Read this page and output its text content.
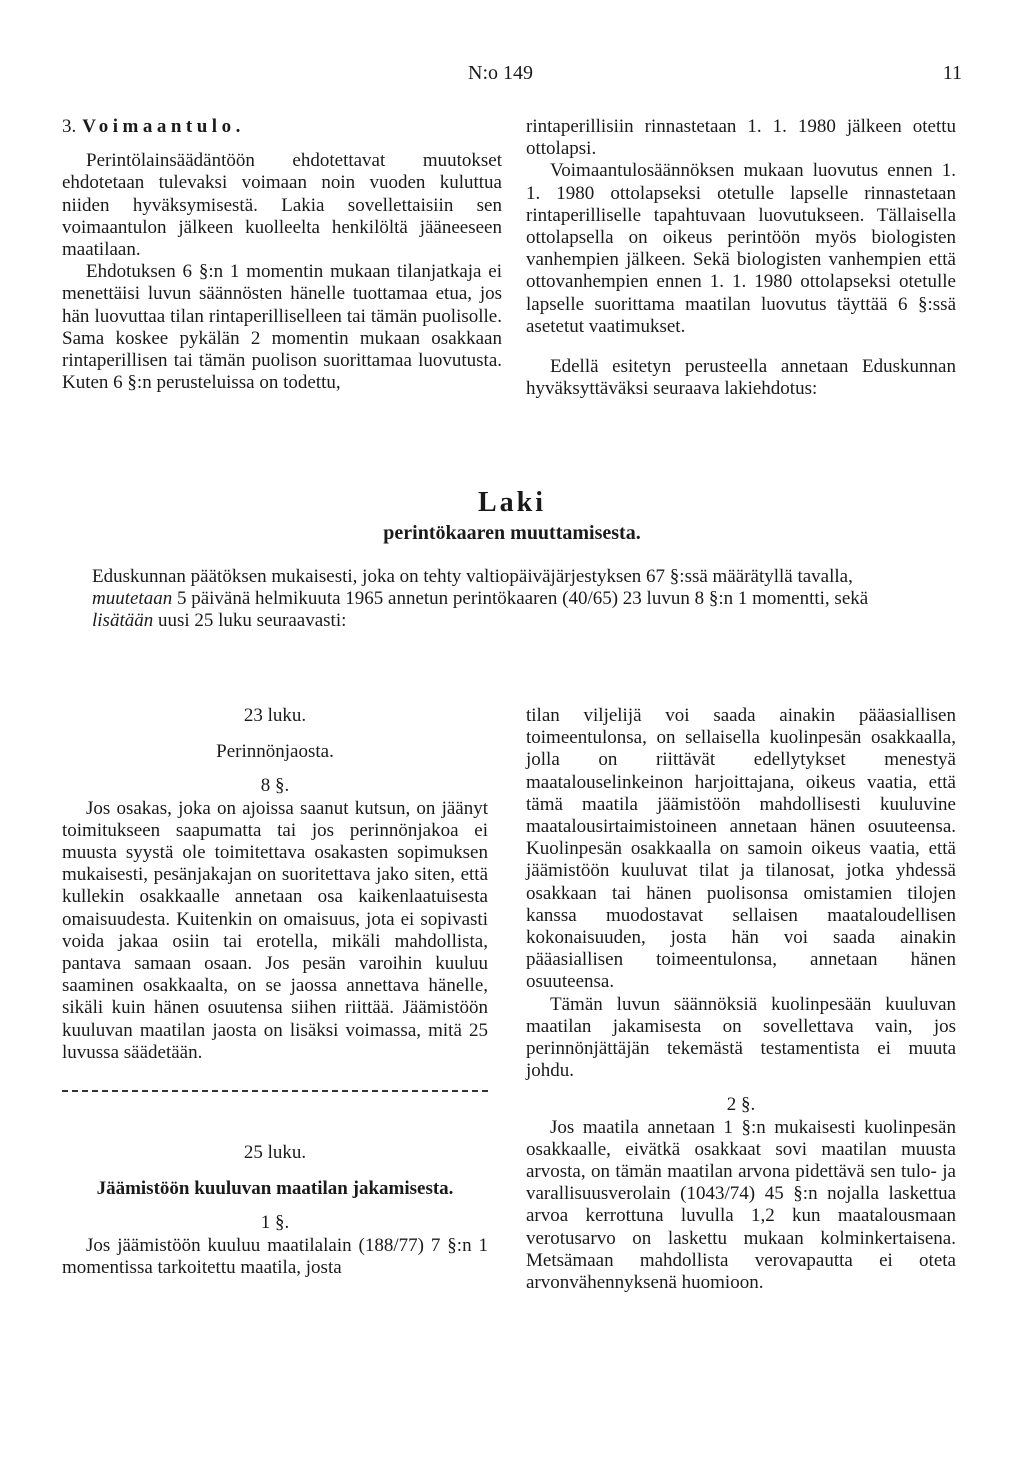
N:o 149	11

3. Voimaantulo.

Perintölainsäädäntöön ehdotettavat muutokset ehdotetaan tulevaksi voimaan noin vuoden kuluttua niiden hyväksymisestä. Lakia sovellettaisiin sen voimaantulon jälkeen kuolleelta henkilöltä jääneeseen maatilaan.

Ehdotuksen 6 §:n 1 momentin mukaan tilanjatkaja ei menettäisi luvun säännösten hänelle tuottamaa etua, jos hän luovuttaa tilan rintaperilliselleen tai tämän puolisolle. Sama koskee pykälän 2 momentin mukaan osakkaan rintaperillisen tai tämän puolison suorittamaa luovutusta. Kuten 6 §:n perusteluissa on todettu,

rintaperillisiin rinnastetaan 1. 1. 1980 jälkeen otettu ottolapsi.

Voimaantulosäännöksen mukaan luovutus ennen 1. 1. 1980 ottolapseksi otetulle lapselle rinnastetaan rintaperilliselle tapahtuvaan luovutukseen. Tällaisella ottolapsella on oikeus perintöön myös biologisten vanhempien jälkeen. Sekä biologisten vanhempien että ottovanhempien ennen 1. 1. 1980 ottolapseksi otetulle lapselle suorittama maatilan luovutus täyttää 6 §:ssä asetetut vaatimukset.

Edellä esitetyn perusteella annetaan Eduskunnan hyväksyttäväksi seuraava lakiehdotus:

Laki
perintökaaren muuttamisesta.

Eduskunnan päätöksen mukaisesti, joka on tehty valtiopäiväjärjestyksen 67 §:ssä määrätyllä tavalla,

muutetaan 5 päivänä helmikuuta 1965 annetun perintökaaren (40/65) 23 luvun 8 §:n 1 momentti, sekä

lisätään uusi 25 luku seuraavasti:

23 luku.

Perinnönjaosta.

8 §.

Jos osakas, joka on ajoissa saanut kutsun, on jäänyt toimitukseen saapumatta tai jos perinnönjakoa ei muusta syystä ole toimitettava osakasten sopimuksen mukaisesti, pesänjakajan on suoritettava jako siten, että kullekin osakkaalle annetaan osa kaikenlaatuisesta omaisuudesta. Kuitenkin on omaisuus, jota ei sopivasti voida jakaa osiin tai erotella, mikäli mahdollista, pantava samaan osaan. Jos pesän varoihin kuuluu saaminen osakkaalta, on se jaossa annettava hänelle, sikäli kuin hänen osuutensa siihen riittää. Jäämistöön kuuluvan maatilan jaosta on lisäksi voimassa, mitä 25 luvussa säädetään.

25 luku.

Jäämistöön kuuluvan maatilan jakamisesta.

1 §.

Jos jäämistöön kuuluu maatilalain (188/77) 7 §:n 1 momentissa tarkoitettu maatila, josta

tilan viljelijä voi saada ainakin pääasiallisen toimeentulonsa, on sellaisella kuolinpesän osakkaalla, jolla on riittävät edellytykset menestyä maatalouselinkeinon harjoittajana, oikeus vaatia, että tämä maatila jäämistöön mahdollisesti kuuluvine maatalousirtaimistoineen annetaan hänen osuuteensa. Kuolinpesän osakkaalla on samoin oikeus vaatia, että jäämistöön kuuluvat tilat ja tilanosat, jotka yhdessä osakkaan tai hänen puolisonsa omistamien tilojen kanssa muodostavat sellaisen maataloudellisen kokonaisuuden, josta hän voi saada ainakin pääasiallisen toimeentulonsa, annetaan hänen osuuteensa.

Tämän luvun säännöksiä kuolinpesään kuuluvan maatilan jakamisesta on sovellettava vain, jos perinnönjättäjän tekemästä testamentista ei muuta johdu.

2 §.

Jos maatila annetaan 1 §:n mukaisesti kuolinpesän osakkaalle, eivätkä osakkaat sovi maatilan muusta arvosta, on tämän maatilan arvona pidettävä sen tulo- ja varallisuusverolain (1043/74) 45 §:n nojalla laskettua arvoa kerrottuna luvulla 1,2 kun maatalousmaan verotusarvo on laskettu mukaan kolminkertaisena. Metsämaan mahdollista verovapautta ei oteta arvonvähennyksenä huomioon.
